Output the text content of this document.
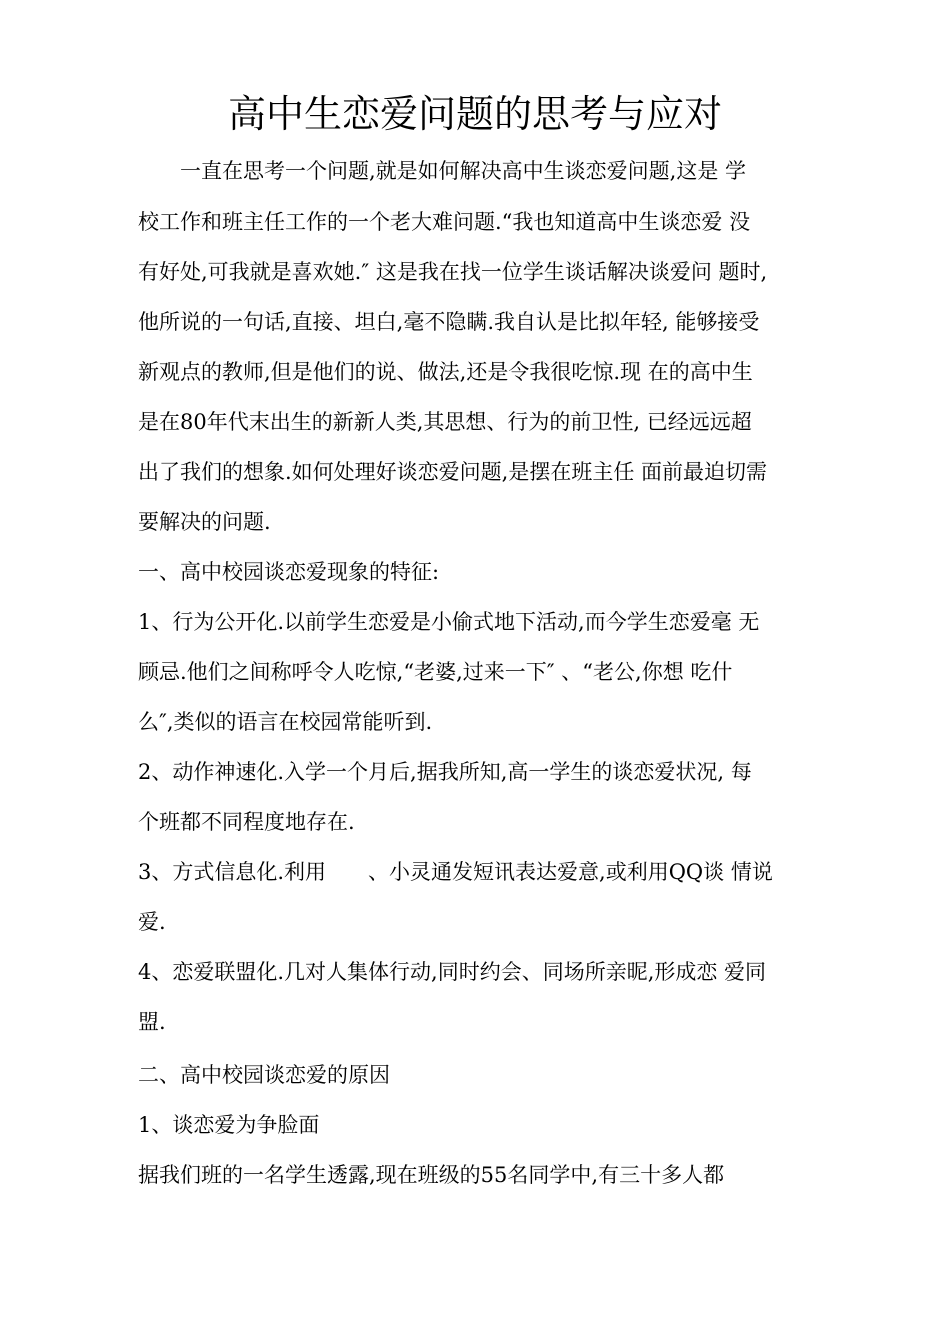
高中生恋爱问题的思考与应对

　　一直在思考一个问题,就是如何解决高中生谈恋爱问题,这是 学

校工作和班主任工作的一个老大难问题.“我也知道高中生谈恋爱 没

有好处,可我就是喜欢她.″ 这是我在找一位学生谈话解决谈爱问 题时,

他所说的一句话,直接、坦白,毫不隐瞒.我自认是比拟年轻, 能够接受

新观点的教师,但是他们的说、做法,还是令我很吃惊.现 在的高中生

是在80年代末出生的新新人类,其思想、行为的前卫性, 已经远远超

出了我们的想象.如何处理好谈恋爱问题,是摆在班主任 面前最迫切需

要解决的问题.

一、高中校园谈恋爱现象的特征:

1、行为公开化.以前学生恋爱是小偷式地下活动,而今学生恋爱毫 无

顾忌.他们之间称呼令人吃惊,“老婆,过来一下″ 、“老公,你想 吃什

么″,类似的语言在校园常能听到.

2、动作神速化.入学一个月后,据我所知,高一学生的谈恋爱状况, 每

个班都不同程度地存在.

3、方式信息化.利用　　、小灵通发短讯表达爱意,或利用QQ谈 情说

爱.

4、恋爱联盟化.几对人集体行动,同时约会、同场所亲昵,形成恋 爱同

盟.

二、高中校园谈恋爱的原因

1、谈恋爱为争脸面

据我们班的一名学生透露,现在班级的55名同学中,有三十多人都
